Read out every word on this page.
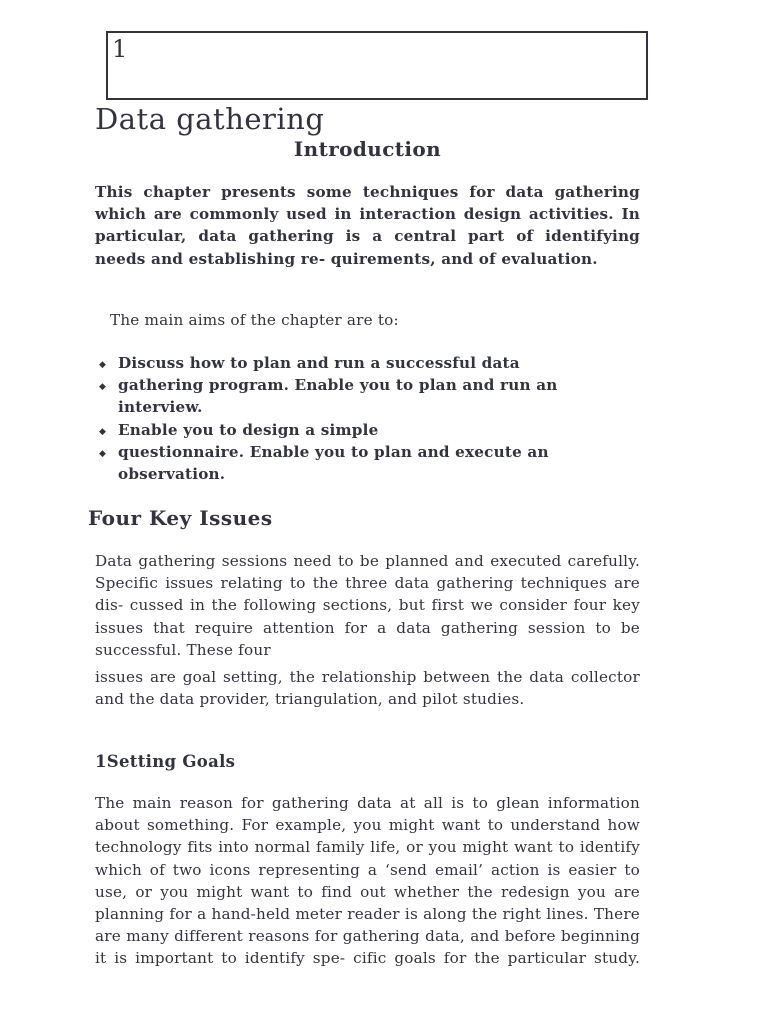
1
Data gathering
Introduction

This chapter presents some techniques for data gathering which are commonly used in interaction design activities. In particular, data gathering is a central part of identifying needs and establishing re- quirements, and of evaluation.

The main aims of the chapter are to:

◆ Discuss how to plan and run a successful data
◆ gathering program. Enable you to plan and run an interview.
◆ Enable you to design a simple
◆ questionnaire. Enable you to plan and execute an observation.
Four Key Issues

Data gathering sessions need to be planned and executed carefully. Specific issues relating to the three data gathering techniques are dis- cussed in the following sections, but first we consider four key issues that require attention for a data gathering session to be successful. These four

issues are goal setting, the relationship between the data collector and the data provider, triangulation, and pilot studies.

1Setting Goals

The main reason for gathering data at all is to glean information about something. For example, you might want to understand how technology fits into normal family life, or you might want to identify which of two icons representing a ‘send email’ action is easier to use, or you might want to find out whether the redesign you are planning for a hand-held meter reader is along the right lines. There are many different reasons for gathering data, and before beginning it is important to identify spe- cific goals for the particular study.
